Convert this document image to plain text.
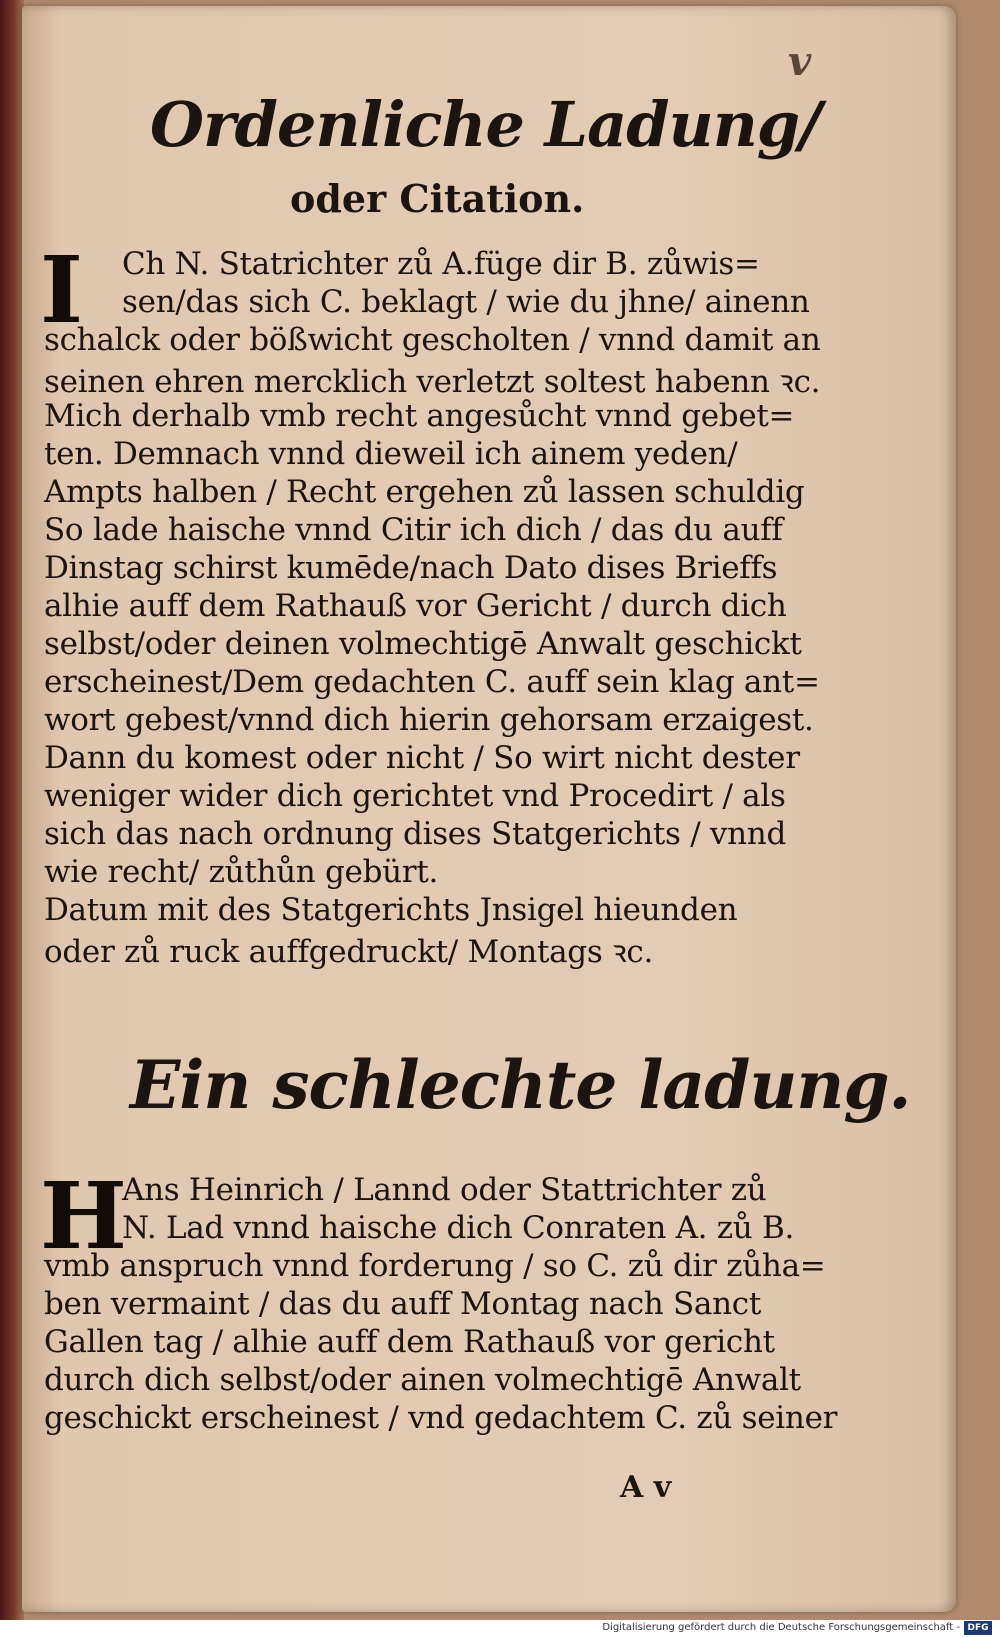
v
Ordenliche Ladung/
oder Citation.
I Ch N. Statrichter zů A.füge dir B. zůwis=
sen/das sich C. beklagt / wie du jhne/ ainenn
schalck oder bößwicht gescholten / vnnd damit an
seinen ehren mercklich verletzt soltest habenn ꝛc.
Mich derhalb vmb recht angesůcht vnnd gebet=
ten. Demnach vnnd dieweil ich ainem yeden/
Ampts halben / Recht ergehen zů lassen schuldig
So lade haische vnnd Citir ich dich / das du auff
Dinstag schirst kumēde/nach Dato dises Brieffs
alhie auff dem Rathauß vor Gericht / durch dich
selbst/oder deinen volmechtigē Anwalt geschickt
erscheinest/Dem gedachten C. auff sein klag ant=
wort gebest/vnnd dich hierin gehorsam erzaigest.
Dann du komest oder nicht / So wirt nicht dester
weniger wider dich gerichtet vnd Procedirt / als
sich das nach ordnung dises Statgerichts / vnnd
wie recht/ zůthůn gebürt.
Datum mit des Statgerichts Jnsigel hieunden
oder zů ruck auffgedruckt/ Montags ꝛc.
Ein schlechte ladung.
H
Ans Heinrich / Lannd oder Stattrichter zů
N. Lad vnnd haische dich Conraten A. zů B.
vmb anspruch vnnd forderung / so C. zů dir zůha=
ben vermaint / das du auff Montag nach Sanct
Gallen tag / alhie auff dem Rathauß vor gericht
durch dich selbst/oder ainen volmechtigē Anwalt
geschickt erscheinest / vnd gedachtem C. zů seiner
A v
Digitalisierung gefördert durch die Deutsche Forschungsgemeinschaft - DFG
